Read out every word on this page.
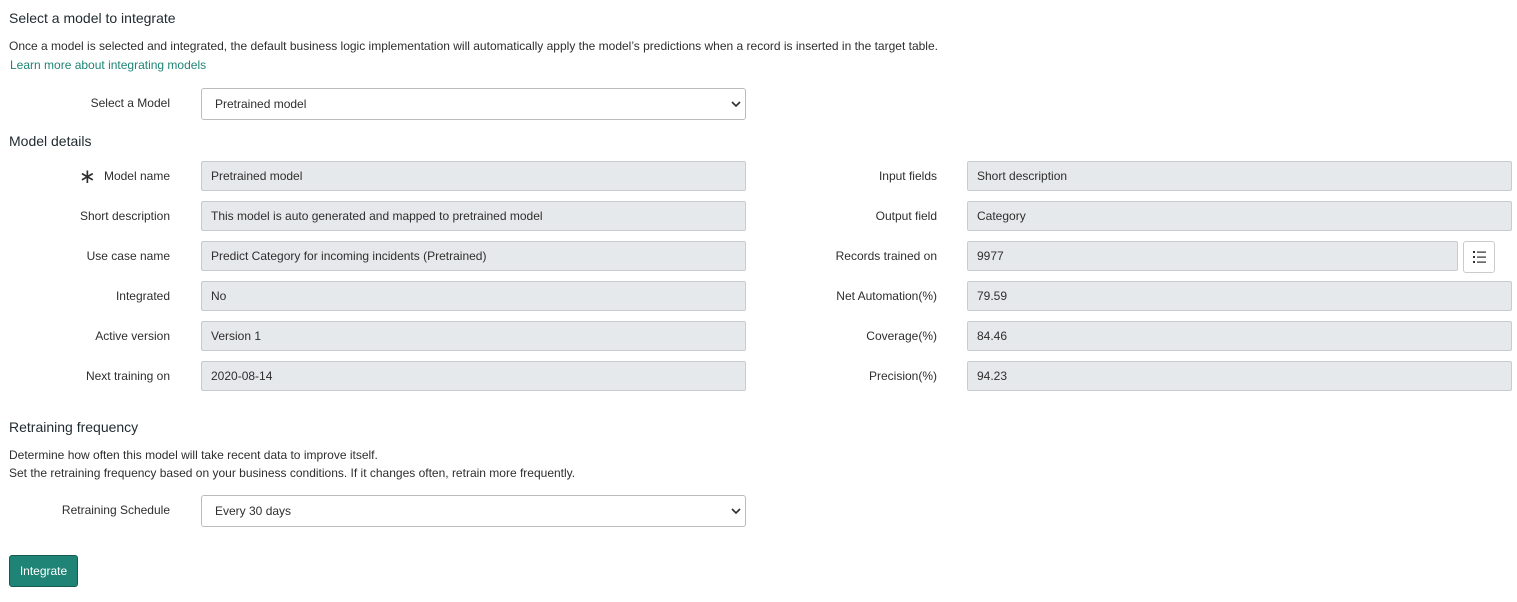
Select a model to integrate
Once a model is selected and integrated, the default business logic implementation will automatically apply the model’s predictions when a record is inserted in the target table.
Learn more about integrating models
Select a Model	Pretrained model
Model details
∗ Model name	Pretrained model
Short description	This model is auto generated and mapped to pretrained model
Use case name	Predict Category for incoming incidents (Pretrained)
Integrated	No
Active version	Version 1
Next training on	2020-08-14
Input fields	Short description
Output field	Category
Records trained on	9977
Net Automation(%)	79.59
Coverage(%)	84.46
Precision(%)	94.23
Retraining frequency
Determine how often this model will take recent data to improve itself.
Set the retraining frequency based on your business conditions. If it changes often, retrain more frequently.
Retraining Schedule	Every 30 days
Integrate
